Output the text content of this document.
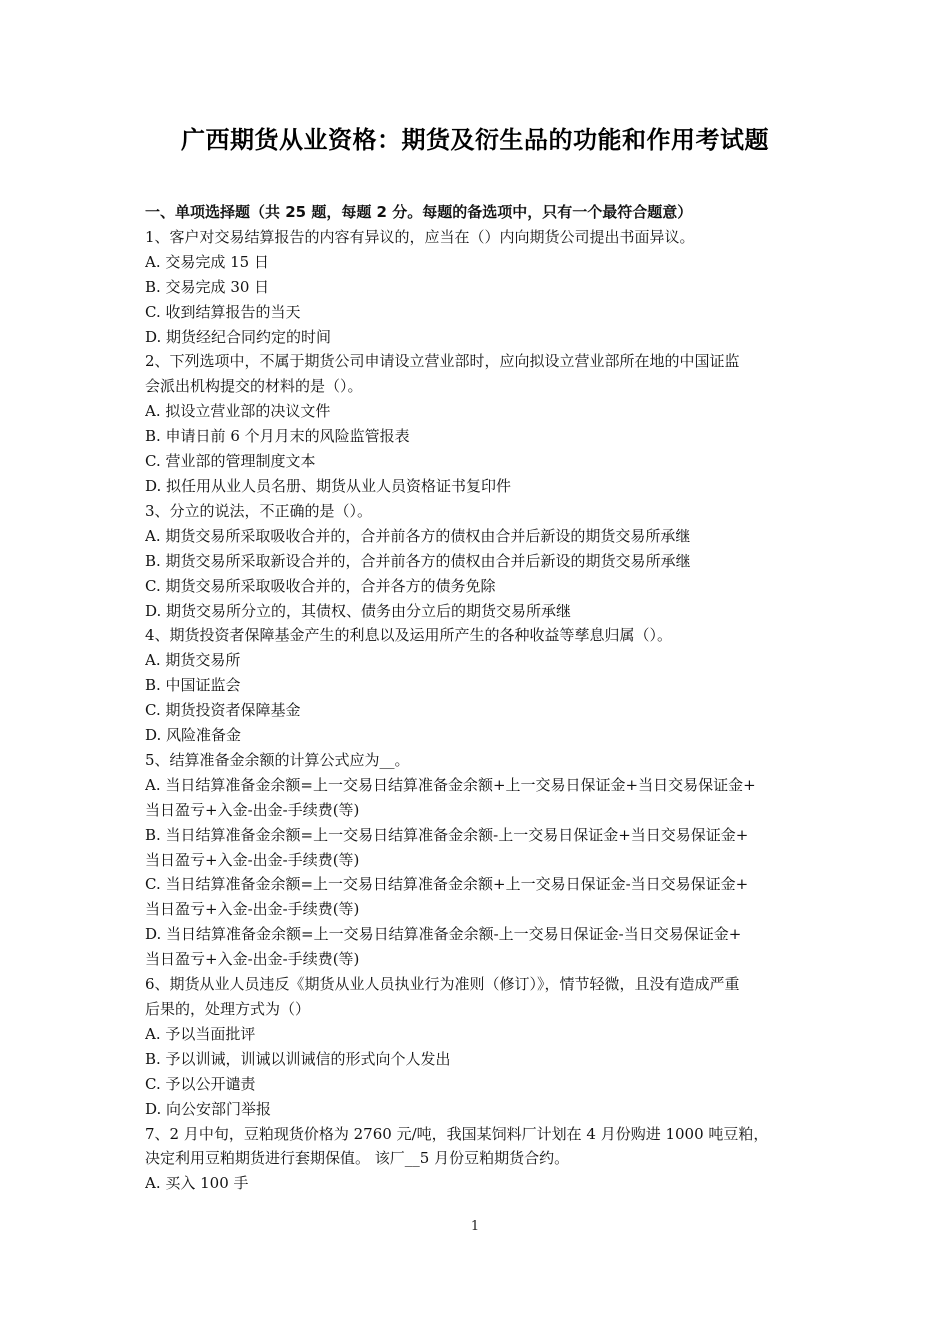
广西期货从业资格：期货及衍生品的功能和作用考试题
一、单项选择题（共 25 题，每题 2 分。每题的备选项中，只有一个最符合题意）
1、客户对交易结算报告的内容有异议的，应当在（）内向期货公司提出书面异议。
A. 交易完成 15 日
B. 交易完成 30 日
C. 收到结算报告的当天
D. 期货经纪合同约定的时间
2、下列选项中，不属于期货公司申请设立营业部时，应向拟设立营业部所在地的中国证监
会派出机构提交的材料的是（）。
A. 拟设立营业部的决议文件
B. 申请日前 6 个月月末的风险监管报表
C. 营业部的管理制度文本
D. 拟任用从业人员名册、期货从业人员资格证书复印件
3、分立的说法，不正确的是（）。
A. 期货交易所采取吸收合并的，合并前各方的债权由合并后新设的期货交易所承继
B. 期货交易所采取新设合并的，合并前各方的债权由合并后新设的期货交易所承继
C. 期货交易所采取吸收合并的，合并各方的债务免除
D. 期货交易所分立的，其债权、债务由分立后的期货交易所承继
4、期货投资者保障基金产生的利息以及运用所产生的各种收益等孳息归属（）。
A. 期货交易所
B. 中国证监会
C. 期货投资者保障基金
D. 风险准备金
5、结算准备金余额的计算公式应为__。
A. 当日结算准备金余额=上一交易日结算准备金余额+上一交易日保证金+当日交易保证金+
当日盈亏+入金-出金-手续费(等)
B. 当日结算准备金余额=上一交易日结算准备金余额-上一交易日保证金+当日交易保证金+
当日盈亏+入金-出金-手续费(等)
C. 当日结算准备金余额=上一交易日结算准备金余额+上一交易日保证金-当日交易保证金+
当日盈亏+入金-出金-手续费(等)
D. 当日结算准备金余额=上一交易日结算准备金余额-上一交易日保证金-当日交易保证金+
当日盈亏+入金-出金-手续费(等)
6、期货从业人员违反《期货从业人员执业行为准则（修订）》，情节轻微，且没有造成严重
后果的，处理方式为（）
A. 予以当面批评
B. 予以训诫，训诫以训诫信的形式向个人发出
C. 予以公开谴责
D. 向公安部门举报
7、2 月中旬，豆粕现货价格为 2760 元/吨，我国某饲料厂计划在 4 月份购进 1000 吨豆粕，
决定利用豆粕期货进行套期保值。 该厂__5 月份豆粕期货合约。
A. 买入 100 手
1
